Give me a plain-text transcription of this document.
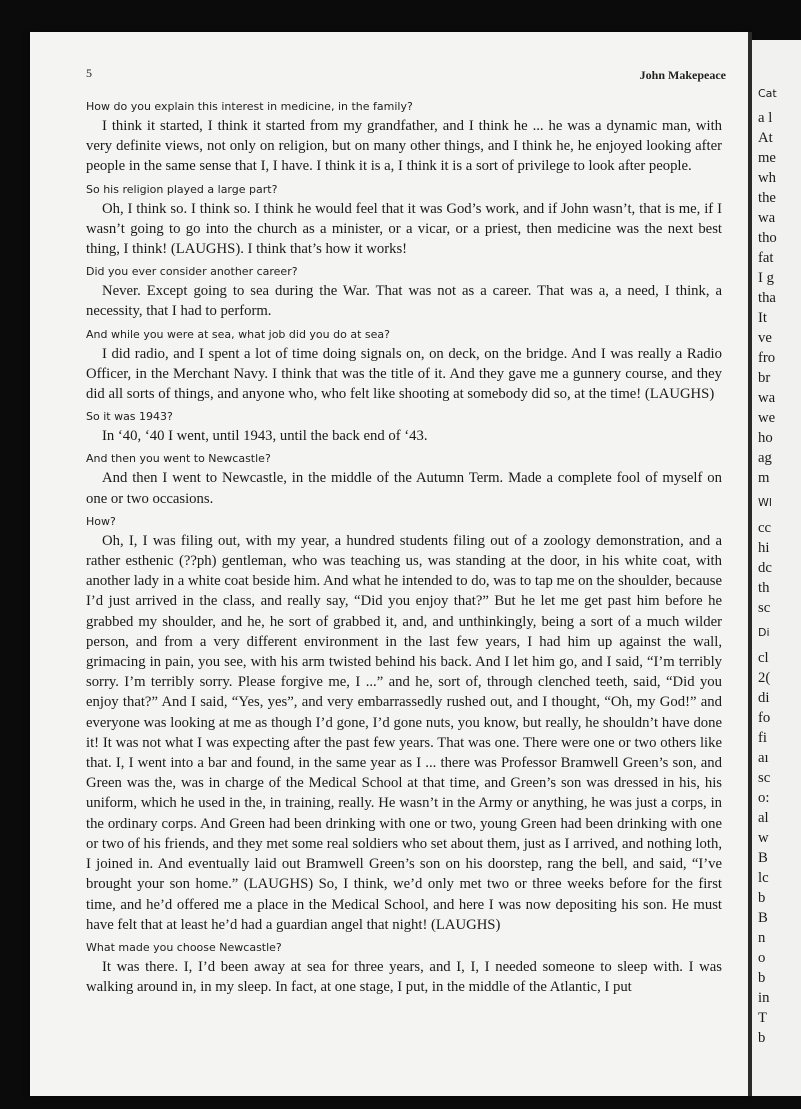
5	John Makepeace
How do you explain this interest in medicine, in the family?

I think it started, I think it started from my grandfather, and I think he ... he was a dynamic man, with very definite views, not only on religion, but on many other things, and I think he, he enjoyed looking after people in the same sense that I, I have. I think it is a, I think it is a sort of privilege to look after people.

So his religion played a large part?

Oh, I think so. I think so. I think he would feel that it was God’s work, and if John wasn’t, that is me, if I wasn’t going to go into the church as a minister, or a vicar, or a priest, then medicine was the next best thing, I think! (LAUGHS). I think that’s how it works!

Did you ever consider another career?

Never. Except going to sea during the War. That was not as a career. That was a, a need, I think, a necessity, that I had to perform.

And while you were at sea, what job did you do at sea?

I did radio, and I spent a lot of time doing signals on, on deck, on the bridge. And I was really a Radio Officer, in the Merchant Navy. I think that was the title of it. And they gave me a gunnery course, and they did all sorts of things, and anyone who, who felt like shooting at somebody did so, at the time! (LAUGHS)

So it was 1943?

In ‘40, ‘40 I went, until 1943, until the back end of ‘43.

And then you went to Newcastle?

And then I went to Newcastle, in the middle of the Autumn Term. Made a complete fool of myself on one or two occasions.

How?

Oh, I, I was filing out, with my year, a hundred students filing out of a zoology demonstration, and a rather esthenic (??ph) gentleman, who was teaching us, was standing at the door, in his white coat, with another lady in a white coat beside him. And what he intended to do, was to tap me on the shoulder, because I’d just arrived in the class, and really say, “Did you enjoy that?” But he let me get past him before he grabbed my shoulder, and he, he sort of grabbed it, and, and unthinkingly, being a sort of a much wilder person, and from a very different environment in the last few years, I had him up against the wall, grimacing in pain, you see, with his arm twisted behind his back. And I let him go, and I said, “I’m terribly sorry. I’m terribly sorry. Please forgive me, I ...” and he, sort of, through clenched teeth, said, “Did you enjoy that?” And I said, “Yes, yes”, and very embarrassedly rushed out, and I thought, “Oh, my God!” and everyone was looking at me as though I’d gone, I’d gone nuts, you know, but really, he shouldn’t have done it! It was not what I was expecting after the past few years. That was one. There were one or two others like that. I, I went into a bar and found, in the same year as I ... there was Professor Bramwell Green’s son, and Green was the, was in charge of the Medical School at that time, and Green’s son was dressed in his, his uniform, which he used in the, in training, really. He wasn’t in the Army or anything, he was just a corps, in the ordinary corps. And Green had been drinking with one or two, young Green had been drinking with one or two of his friends, and they met some real soldiers who set about them, just as I arrived, and nothing loth, I joined in. And eventually laid out Bramwell Green’s son on his doorstep, rang the bell, and said, “I’ve brought your son home.” (LAUGHS) So, I think, we’d only met two or three weeks before for the first time, and he’d offered me a place in the Medical School, and here I was now depositing his son. He must have felt that at least he’d had a guardian angel that night! (LAUGHS)

What made you choose Newcastle?

It was there. I, I’d been away at sea for three years, and I, I, I needed someone to sleep with. I was walking around in, in my sleep. In fact, at one stage, I put, in the middle of the Atlantic, I put

Cat
a l
At
me
wh
the
wa
tho
fat
I g
tha
It
ve
fro
br
wa
we
ho
ag
m
Wl
cc
hi
dc
th
sc
Di
cl
2(
di
fo
fi
aı
sc
o:
al
w
B
lc
b
B
n
o
b
in
T
b
